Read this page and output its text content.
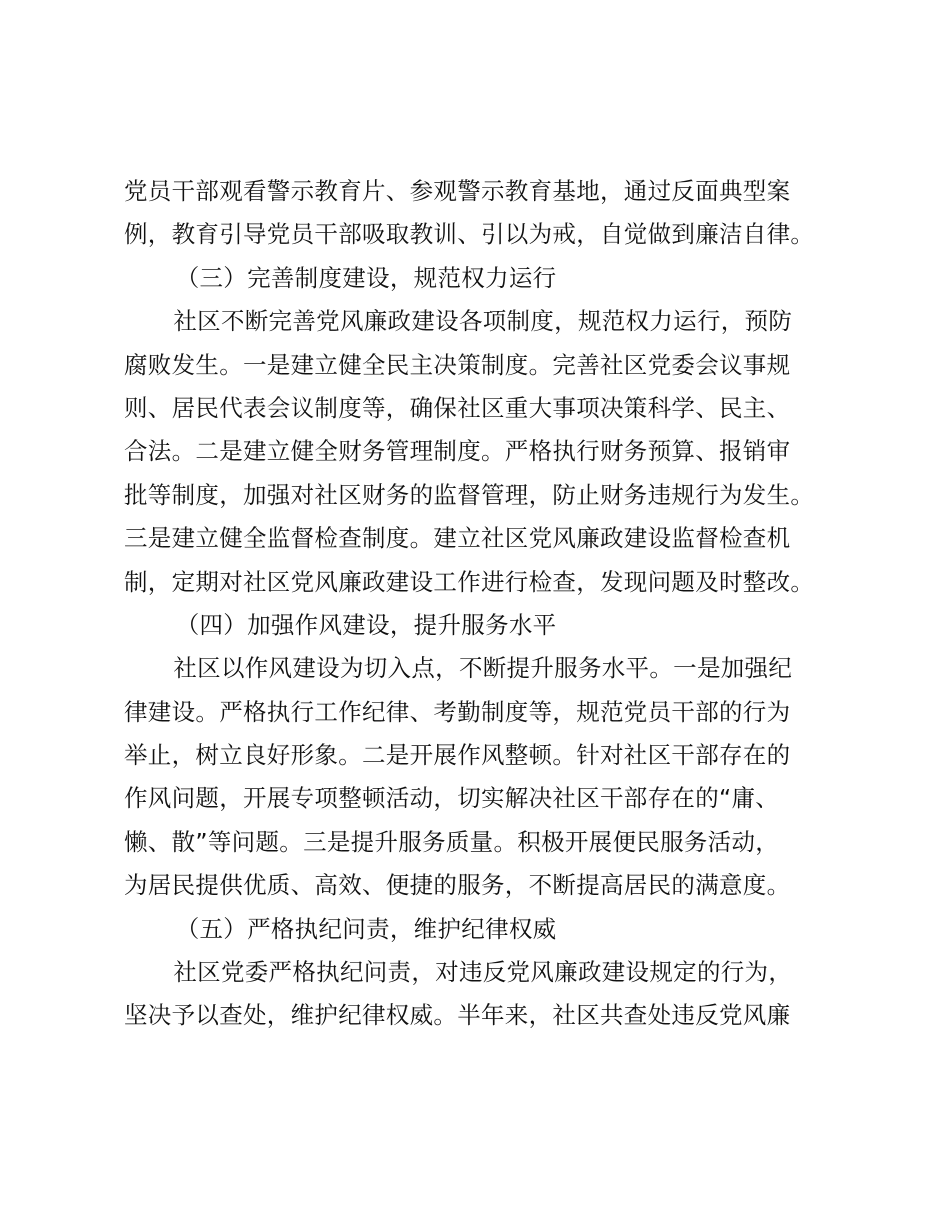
党员干部观看警示教育片、参观警示教育基地，通过反面典型案
例，教育引导党员干部吸取教训、引以为戒，自觉做到廉洁自律。
（三）完善制度建设，规范权力运行
社区不断完善党风廉政建设各项制度，规范权力运行，预防
腐败发生。一是建立健全民主决策制度。完善社区党委会议事规
则、居民代表会议制度等，确保社区重大事项决策科学、民主、
合法。二是建立健全财务管理制度。严格执行财务预算、报销审
批等制度，加强对社区财务的监督管理，防止财务违规行为发生。
三是建立健全监督检查制度。建立社区党风廉政建设监督检查机
制，定期对社区党风廉政建设工作进行检查，发现问题及时整改。
（四）加强作风建设，提升服务水平
社区以作风建设为切入点，不断提升服务水平。一是加强纪
律建设。严格执行工作纪律、考勤制度等，规范党员干部的行为
举止，树立良好形象。二是开展作风整顿。针对社区干部存在的
作风问题，开展专项整顿活动，切实解决社区干部存在的“庸、
懒、散”等问题。三是提升服务质量。积极开展便民服务活动，
为居民提供优质、高效、便捷的服务，不断提高居民的满意度。
（五）严格执纪问责，维护纪律权威
社区党委严格执纪问责，对违反党风廉政建设规定的行为，
坚决予以查处，维护纪律权威。半年来，社区共查处违反党风廉
